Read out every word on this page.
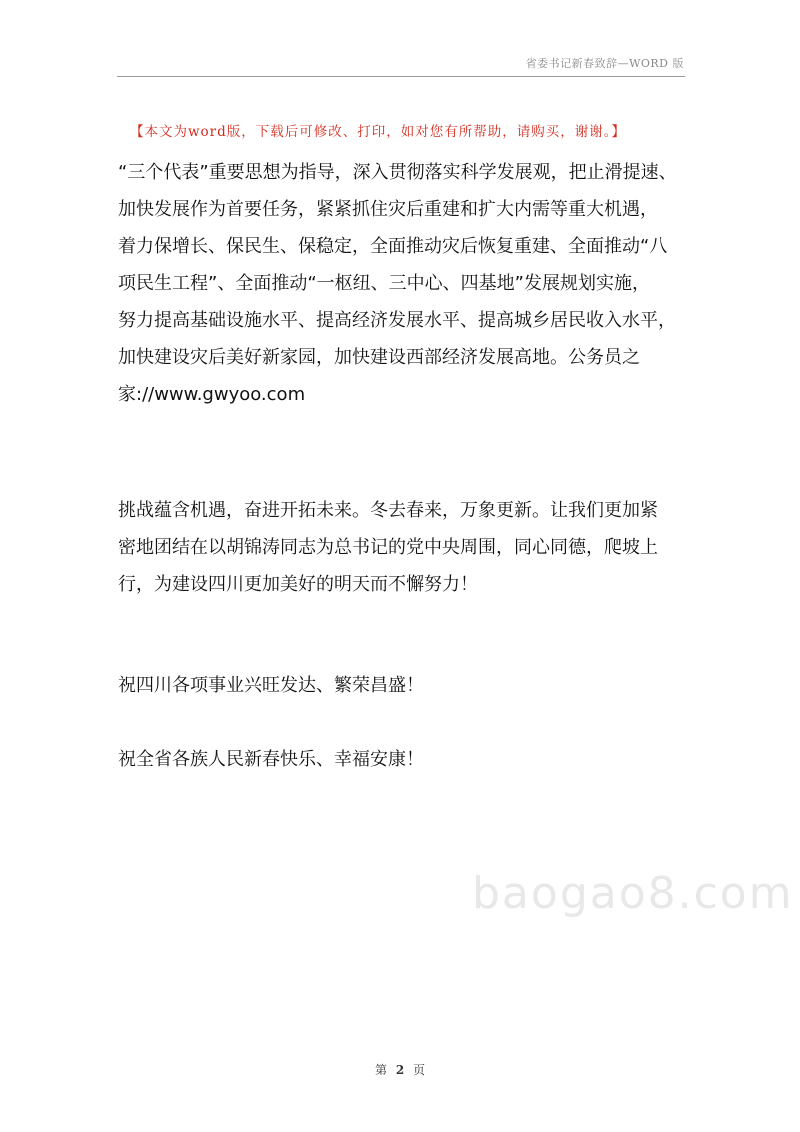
省委书记新春致辞—WORD 版
【本文为word版，下载后可修改、打印，如对您有所帮助，请购买，谢谢。】
baogao8.com

“三个代表”重要思想为指导，深入贯彻落实科学发展观，把止滑提速、
加快发展作为首要任务，紧紧抓住灾后重建和扩大内需等重大机遇，
着力保增长、保民生、保稳定，全面推动灾后恢复重建、全面推动“八
项民生工程”、全面推动“一枢纽、三中心、四基地”发展规划实施，
努力提高基础设施水平、提高经济发展水平、提高城乡居民收入水平，
加快建设灾后美好新家园，加快建设西部经济发展高地。公务员之
家://www.gwyoo.com

挑战蕴含机遇，奋进开拓未来。冬去春来，万象更新。让我们更加紧
密地团结在以胡锦涛同志为总书记的党中央周围，同心同德，爬坡上
行，为建设四川更加美好的明天而不懈努力！

祝四川各项事业兴旺发达、繁荣昌盛！

祝全省各族人民新春快乐、幸福安康！

第 2 页
